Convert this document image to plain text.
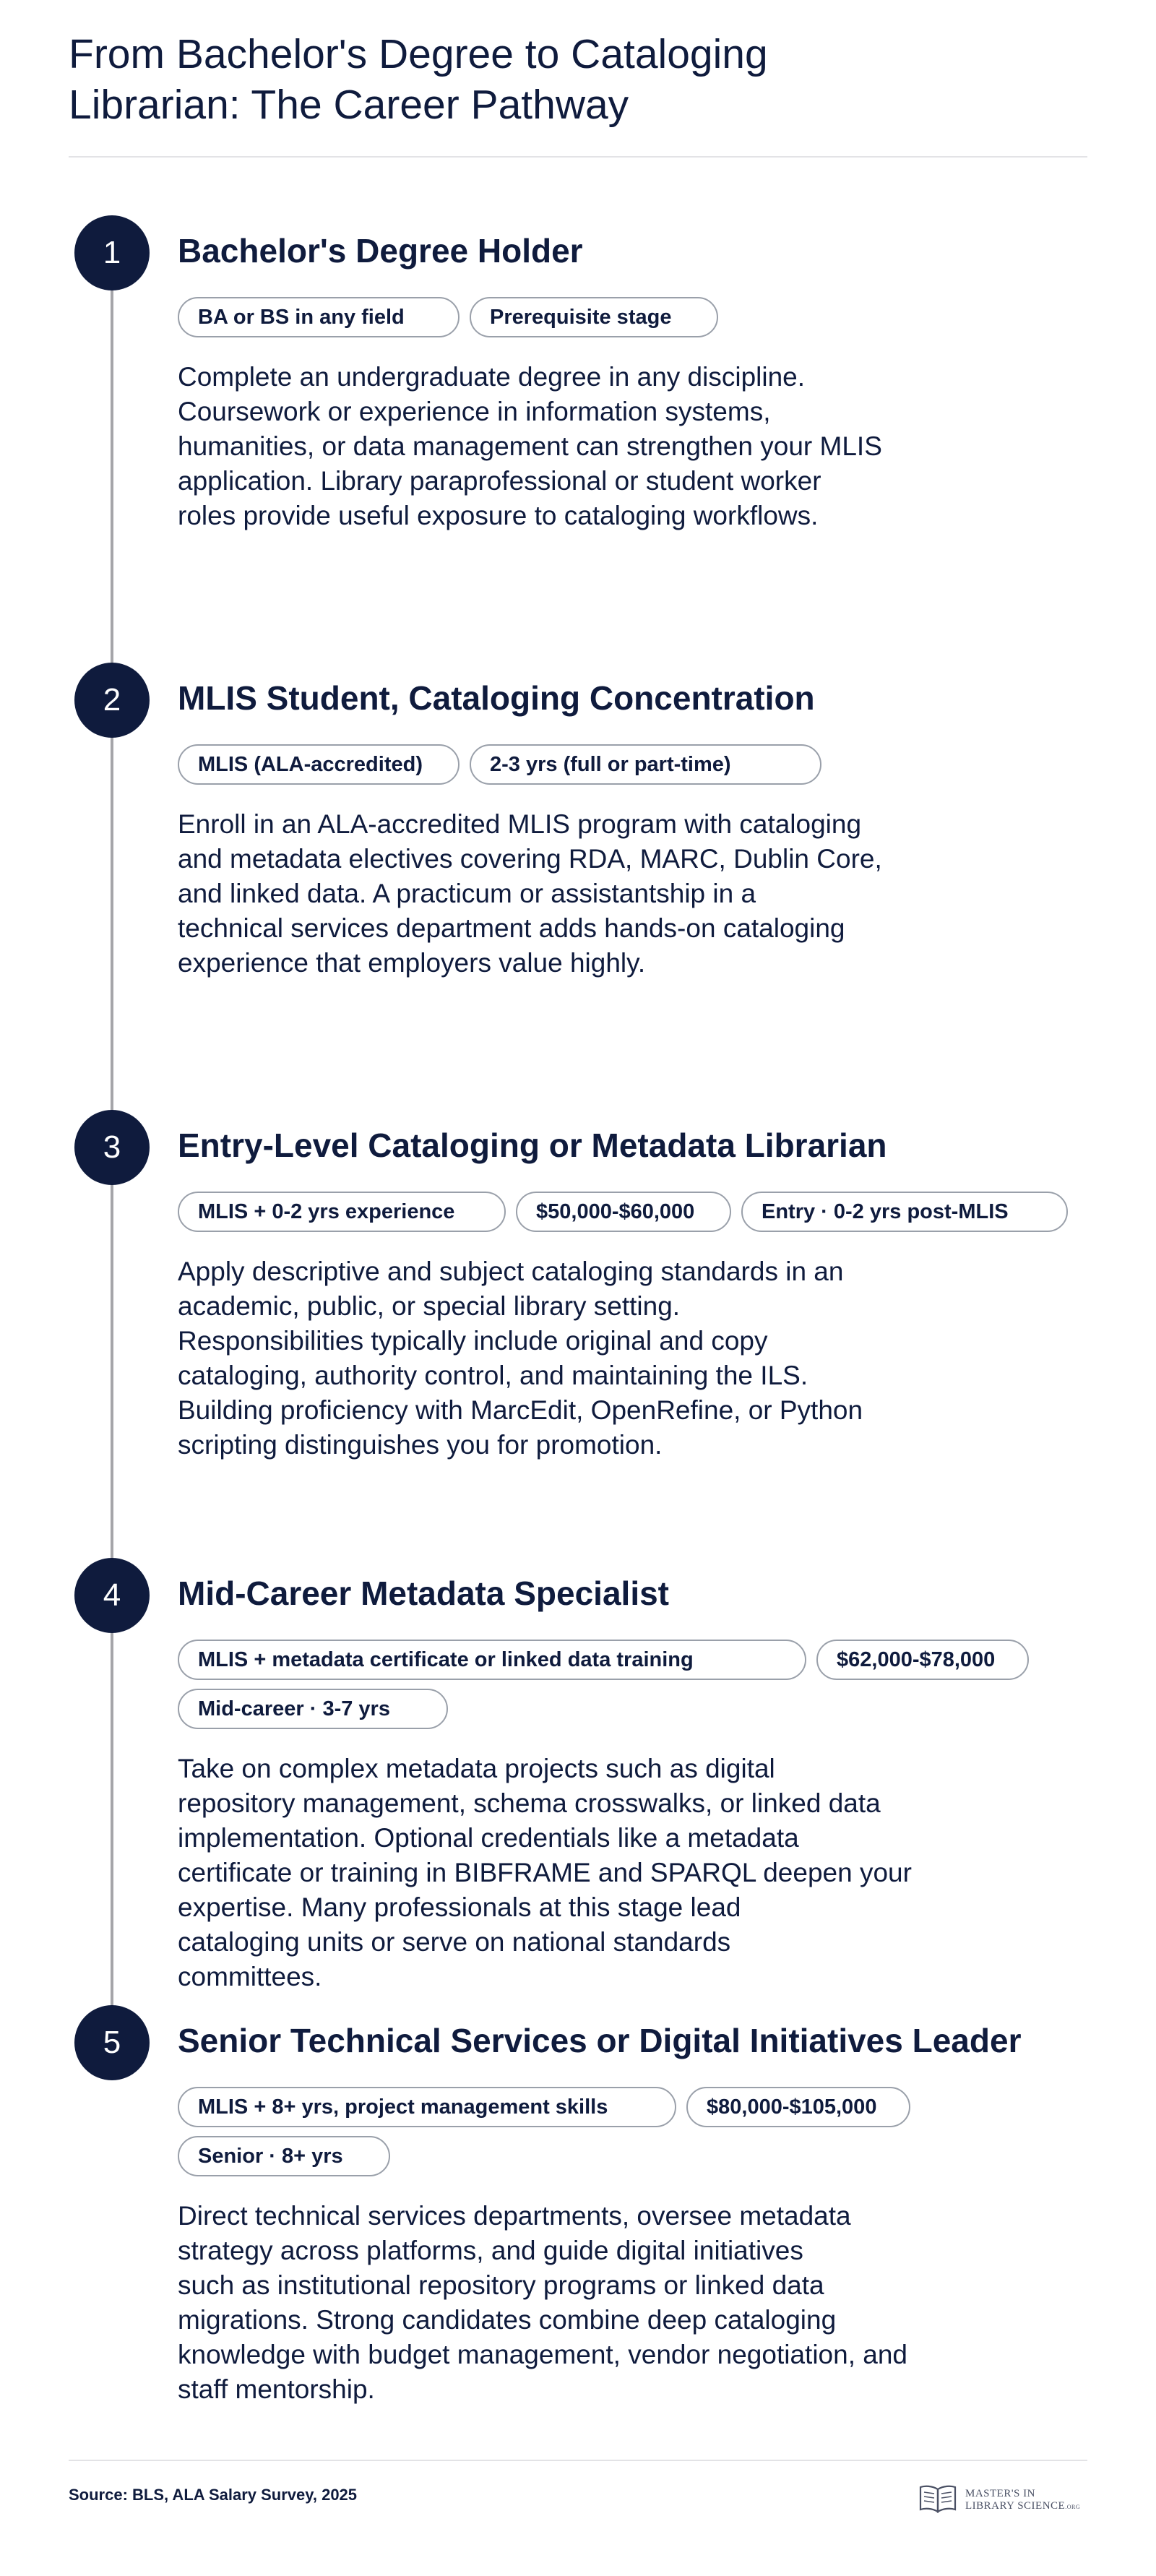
From Bachelor's Degree to Cataloging
Librarian: The Career Pathway
1	Bachelor's Degree Holder
BA or BS in any field	Prerequisite stage

Complete an undergraduate degree in any discipline.
Coursework or experience in information systems,
humanities, or data management can strengthen your MLIS
application. Library paraprofessional or student worker
roles provide useful exposure to cataloging workflows.

2	MLIS Student, Cataloging Concentration
MLIS (ALA-accredited)	2-3 yrs (full or part-time)

Enroll in an ALA-accredited MLIS program with cataloging
and metadata electives covering RDA, MARC, Dublin Core,
and linked data. A practicum or assistantship in a
technical services department adds hands-on cataloging
experience that employers value highly.

3	Entry-Level Cataloging or Metadata Librarian
MLIS + 0-2 yrs experience	$50,000-$60,000	Entry · 0-2 yrs post-MLIS

Apply descriptive and subject cataloging standards in an
academic, public, or special library setting.
Responsibilities typically include original and copy
cataloging, authority control, and maintaining the ILS.
Building proficiency with MarcEdit, OpenRefine, or Python
scripting distinguishes you for promotion.

4	Mid-Career Metadata Specialist
MLIS + metadata certificate or linked data training	$62,000-$78,000
Mid-career · 3-7 yrs

Take on complex metadata projects such as digital
repository management, schema crosswalks, or linked data
implementation. Optional credentials like a metadata
certificate or training in BIBFRAME and SPARQL deepen your
expertise. Many professionals at this stage lead
cataloging units or serve on national standards
committees.

5	Senior Technical Services or Digital Initiatives Leader
MLIS + 8+ yrs, project management skills	$80,000-$105,000
Senior · 8+ yrs

Direct technical services departments, oversee metadata
strategy across platforms, and guide digital initiatives
such as institutional repository programs or linked data
migrations. Strong candidates combine deep cataloging
knowledge with budget management, vendor negotiation, and
staff mentorship.

Source: BLS, ALA Salary Survey, 2025	MASTER'S IN
LIBRARY SCIENCE.ORG
